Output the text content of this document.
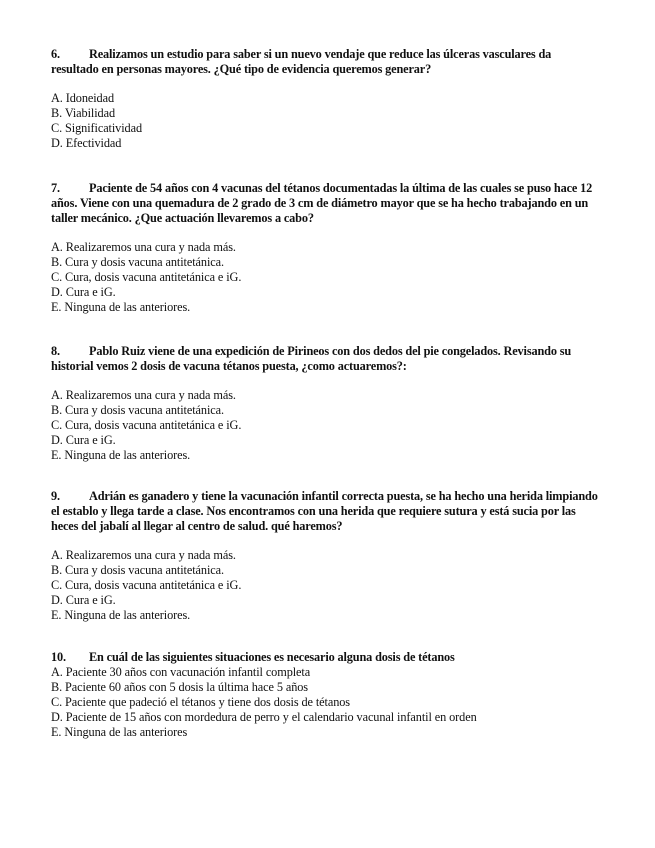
6. Realizamos un estudio para saber si un nuevo vendaje que reduce las úlceras vasculares da resultado en personas mayores. ¿Qué tipo de evidencia queremos generar?

A. Idoneidad
B. Viabilidad
C. Significatividad
D. Efectividad

7. Paciente de 54 años con 4 vacunas del tétanos documentadas la última de las cuales se puso hace 12 años. Viene con una quemadura de 2 grado de 3 cm de diámetro mayor que se ha hecho trabajando en un taller mecánico. ¿Que actuación llevaremos a cabo?

A. Realizaremos una cura y nada más.
B. Cura y dosis vacuna antitetánica.
C. Cura, dosis vacuna antitetánica e iG.
D. Cura e iG.
E. Ninguna de las anteriores.

8. Pablo Ruiz viene de una expedición de Pirineos con dos dedos del pie congelados. Revisando su historial vemos 2 dosis de vacuna tétanos puesta, ¿como actuaremos?:

A. Realizaremos una cura y nada más.
B. Cura y dosis vacuna antitetánica.
C. Cura, dosis vacuna antitetánica e iG.
D. Cura e iG.
E. Ninguna de las anteriores.

9. Adrián es ganadero y tiene la vacunación infantil correcta puesta, se ha hecho una herida limpiando el establo y llega tarde a clase. Nos encontramos con una herida que requiere sutura y está sucia por las heces del jabalí al llegar al centro de salud. qué haremos?

A. Realizaremos una cura y nada más.
B. Cura y dosis vacuna antitetánica.
C. Cura, dosis vacuna antitetánica e iG.
D. Cura e iG.
E. Ninguna de las anteriores.

10. En cuál de las siguientes situaciones es necesario alguna dosis de tétanos

A. Paciente 30 años con vacunación infantil completa
B. Paciente 60 años con 5 dosis la última hace 5 años
C. Paciente que padeció el tétanos y tiene dos dosis de tétanos
D. Paciente de 15 años con mordedura de perro y el calendario vacunal infantil en orden
E. Ninguna de las anteriores
